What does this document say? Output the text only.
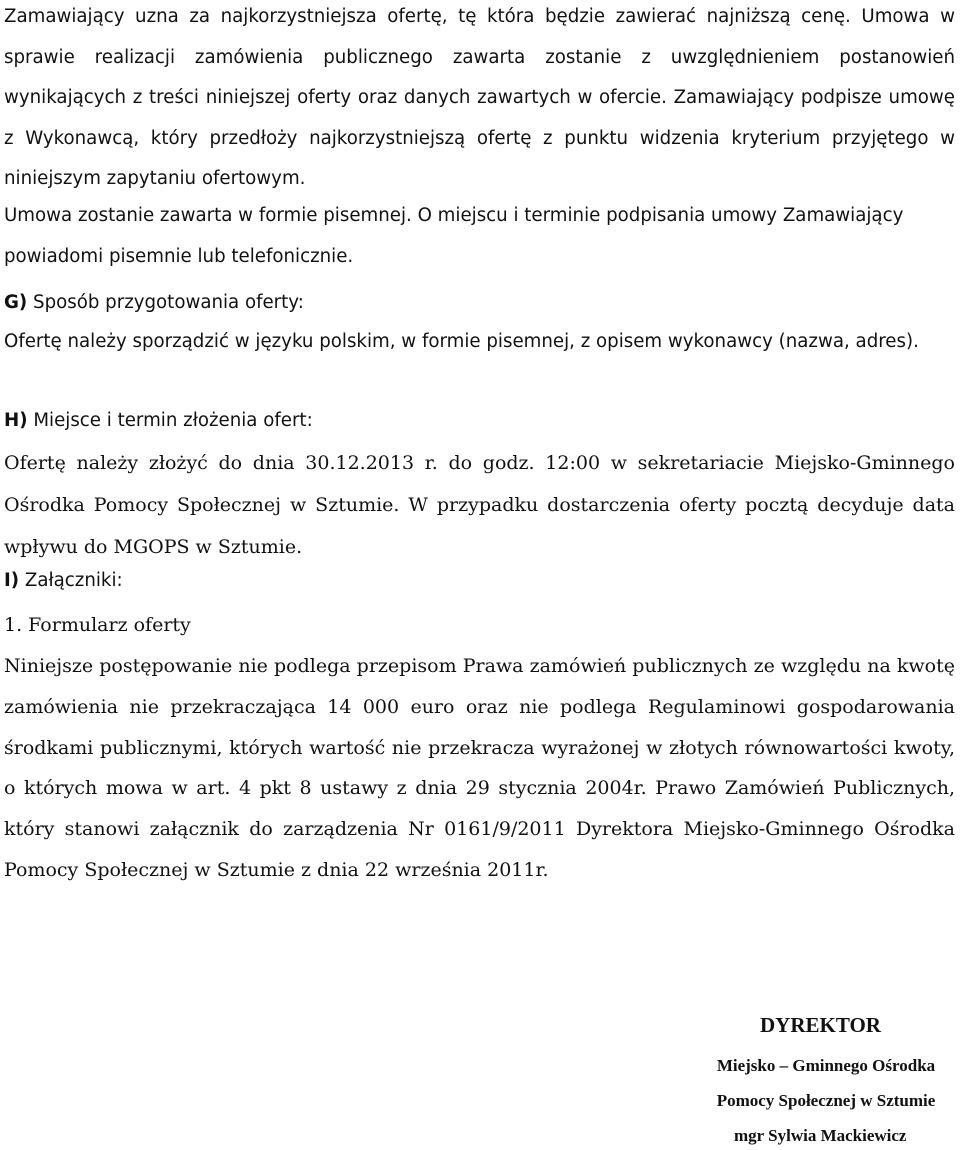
Zamawiający uzna za najkorzystniejsza ofertę, tę która będzie zawierać najniższą cenę. Umowa w sprawie realizacji zamówienia publicznego zawarta zostanie z uwzględnieniem postanowień wynikających z treści niniejszej oferty oraz danych zawartych w ofercie. Zamawiający podpisze umowę z Wykonawcą, który przedłoży najkorzystniejszą ofertę z punktu widzenia kryterium przyjętego w niniejszym zapytaniu ofertowym.

Umowa zostanie zawarta w formie pisemnej. O miejscu i terminie podpisania umowy Zamawiający powiadomi pisemnie lub telefonicznie.

G) Sposób przygotowania oferty:

Ofertę należy sporządzić w języku polskim, w formie pisemnej, z opisem wykonawcy (nazwa, adres).

H) Miejsce i termin złożenia ofert:

Ofertę należy złożyć do dnia 30.12.2013 r. do godz. 12:00 w sekretariacie Miejsko-Gminnego Ośrodka Pomocy Społecznej w Sztumie. W przypadku dostarczenia oferty pocztą decyduje data wpływu do MGOPS w Sztumie.

I) Załączniki:

1. Formularz oferty

Niniejsze postępowanie nie podlega przepisom Prawa zamówień publicznych ze względu na kwotę zamówienia nie przekraczająca 14 000 euro oraz nie podlega Regulaminowi gospodarowania środkami publicznymi, których wartość nie przekracza wyrażonej w złotych równowartości kwoty, o których mowa w art. 4 pkt 8 ustawy z dnia 29 stycznia 2004r. Prawo Zamówień Publicznych, który stanowi załącznik do zarządzenia Nr 0161/9/2011 Dyrektora Miejsko-Gminnego Ośrodka Pomocy Społecznej w Sztumie z dnia 22 września 2011r.

DYREKTOR

Miejsko – Gminnego Ośrodka

Pomocy Społecznej w Sztumie

mgr Sylwia Mackiewicz
